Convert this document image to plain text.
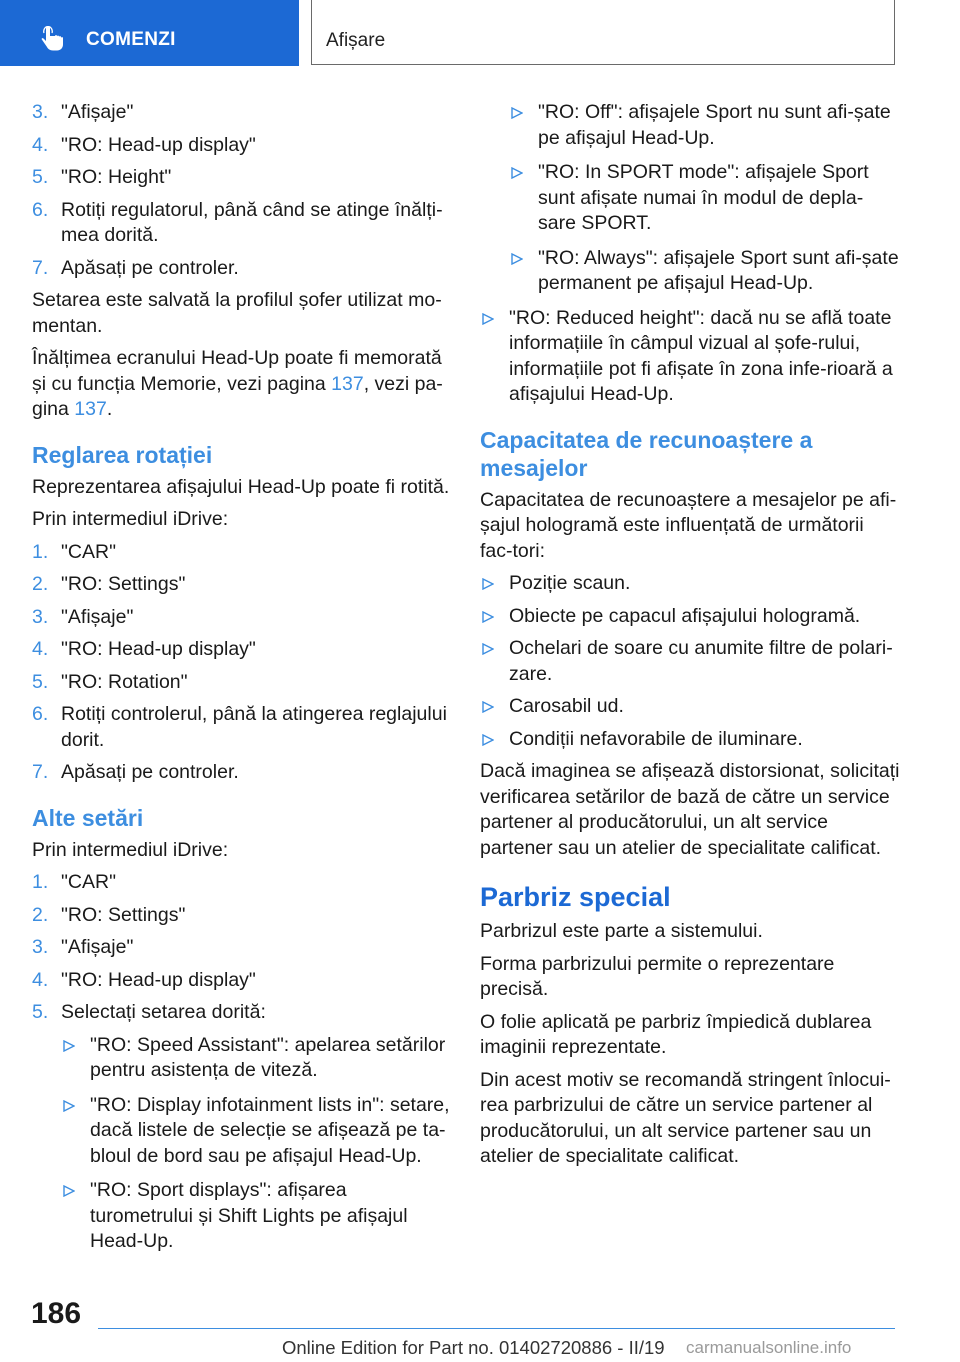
COMENZI	Afișare
3. "Afișaje"
4. "RO: Head-up display"
5. "RO: Height"
6. Rotiți regulatorul, până când se atinge înălți-mea dorită.
7. Apăsați pe controler.

Setarea este salvată la profilul șofer utilizat mo-mentan.

Înălțimea ecranului Head-Up poate fi memorată și cu funcția Memorie, vezi pagina 137, vezi pa-gina 137.

Reglarea rotației

Reprezentarea afișajului Head-Up poate fi rotită.

Prin intermediul iDrive:

1. "CAR"
2. "RO: Settings"
3. "Afișaje"
4. "RO: Head-up display"
5. "RO: Rotation"
6. Rotiți controlerul, până la atingerea reglajului dorit.
7. Apăsați pe controler.
Alte setări

Prin intermediul iDrive:

1. "CAR"
2. "RO: Settings"
3. "Afișaje"
4. "RO: Head-up display"
5. Selectați setarea dorită:
"RO: Speed Assistant": apelarea setărilor pentru asistența de viteză.
"RO: Display infotainment lists in": setare, dacă listele de selecție se afișează pe ta-bloul de bord sau pe afișajul Head-Up.
"RO: Sport displays": afișarea turometrului și Shift Lights pe afișajul Head-Up.
"RO: Off": afișajele Sport nu sunt afi-șate pe afișajul Head-Up.
"RO: In SPORT mode": afișajele Sport sunt afișate numai în modul de depla-sare SPORT.
"RO: Always": afișajele Sport sunt afi-șate permanent pe afișajul Head-Up.
"RO: Reduced height": dacă nu se află toate informațiile în câmpul vizual al șofe-rului, informațiile pot fi afișate în zona infe-rioară a afișajului Head-Up.
Capacitatea de recunoaștere a mesajelor

Capacitatea de recunoaștere a mesajelor pe afi-șajul hologramă este influențată de următorii fac-tori:

Poziție scaun.
Obiecte pe capacul afișajului hologramă.
Ochelari de soare cu anumite filtre de polari-zare.
Carosabil ud.
Condiții nefavorabile de iluminare.

Dacă imaginea se afișează distorsionat, solicitați verificarea setărilor de bază de către un service partener al producătorului, un alt service partener sau un atelier de specialitate calificat.

Parbriz special

Parbrizul este parte a sistemului.

Forma parbrizului permite o reprezentare precisă.

O folie aplicată pe parbriz împiedică dublarea imaginii reprezentate.

Din acest motiv se recomandă stringent înlocui-rea parbrizului de către un service partener al producătorului, un alt service partener sau un atelier de specialitate calificat.

186
Online Edition for Part no. 01402720886 - II/19 carmanualsonline.info
